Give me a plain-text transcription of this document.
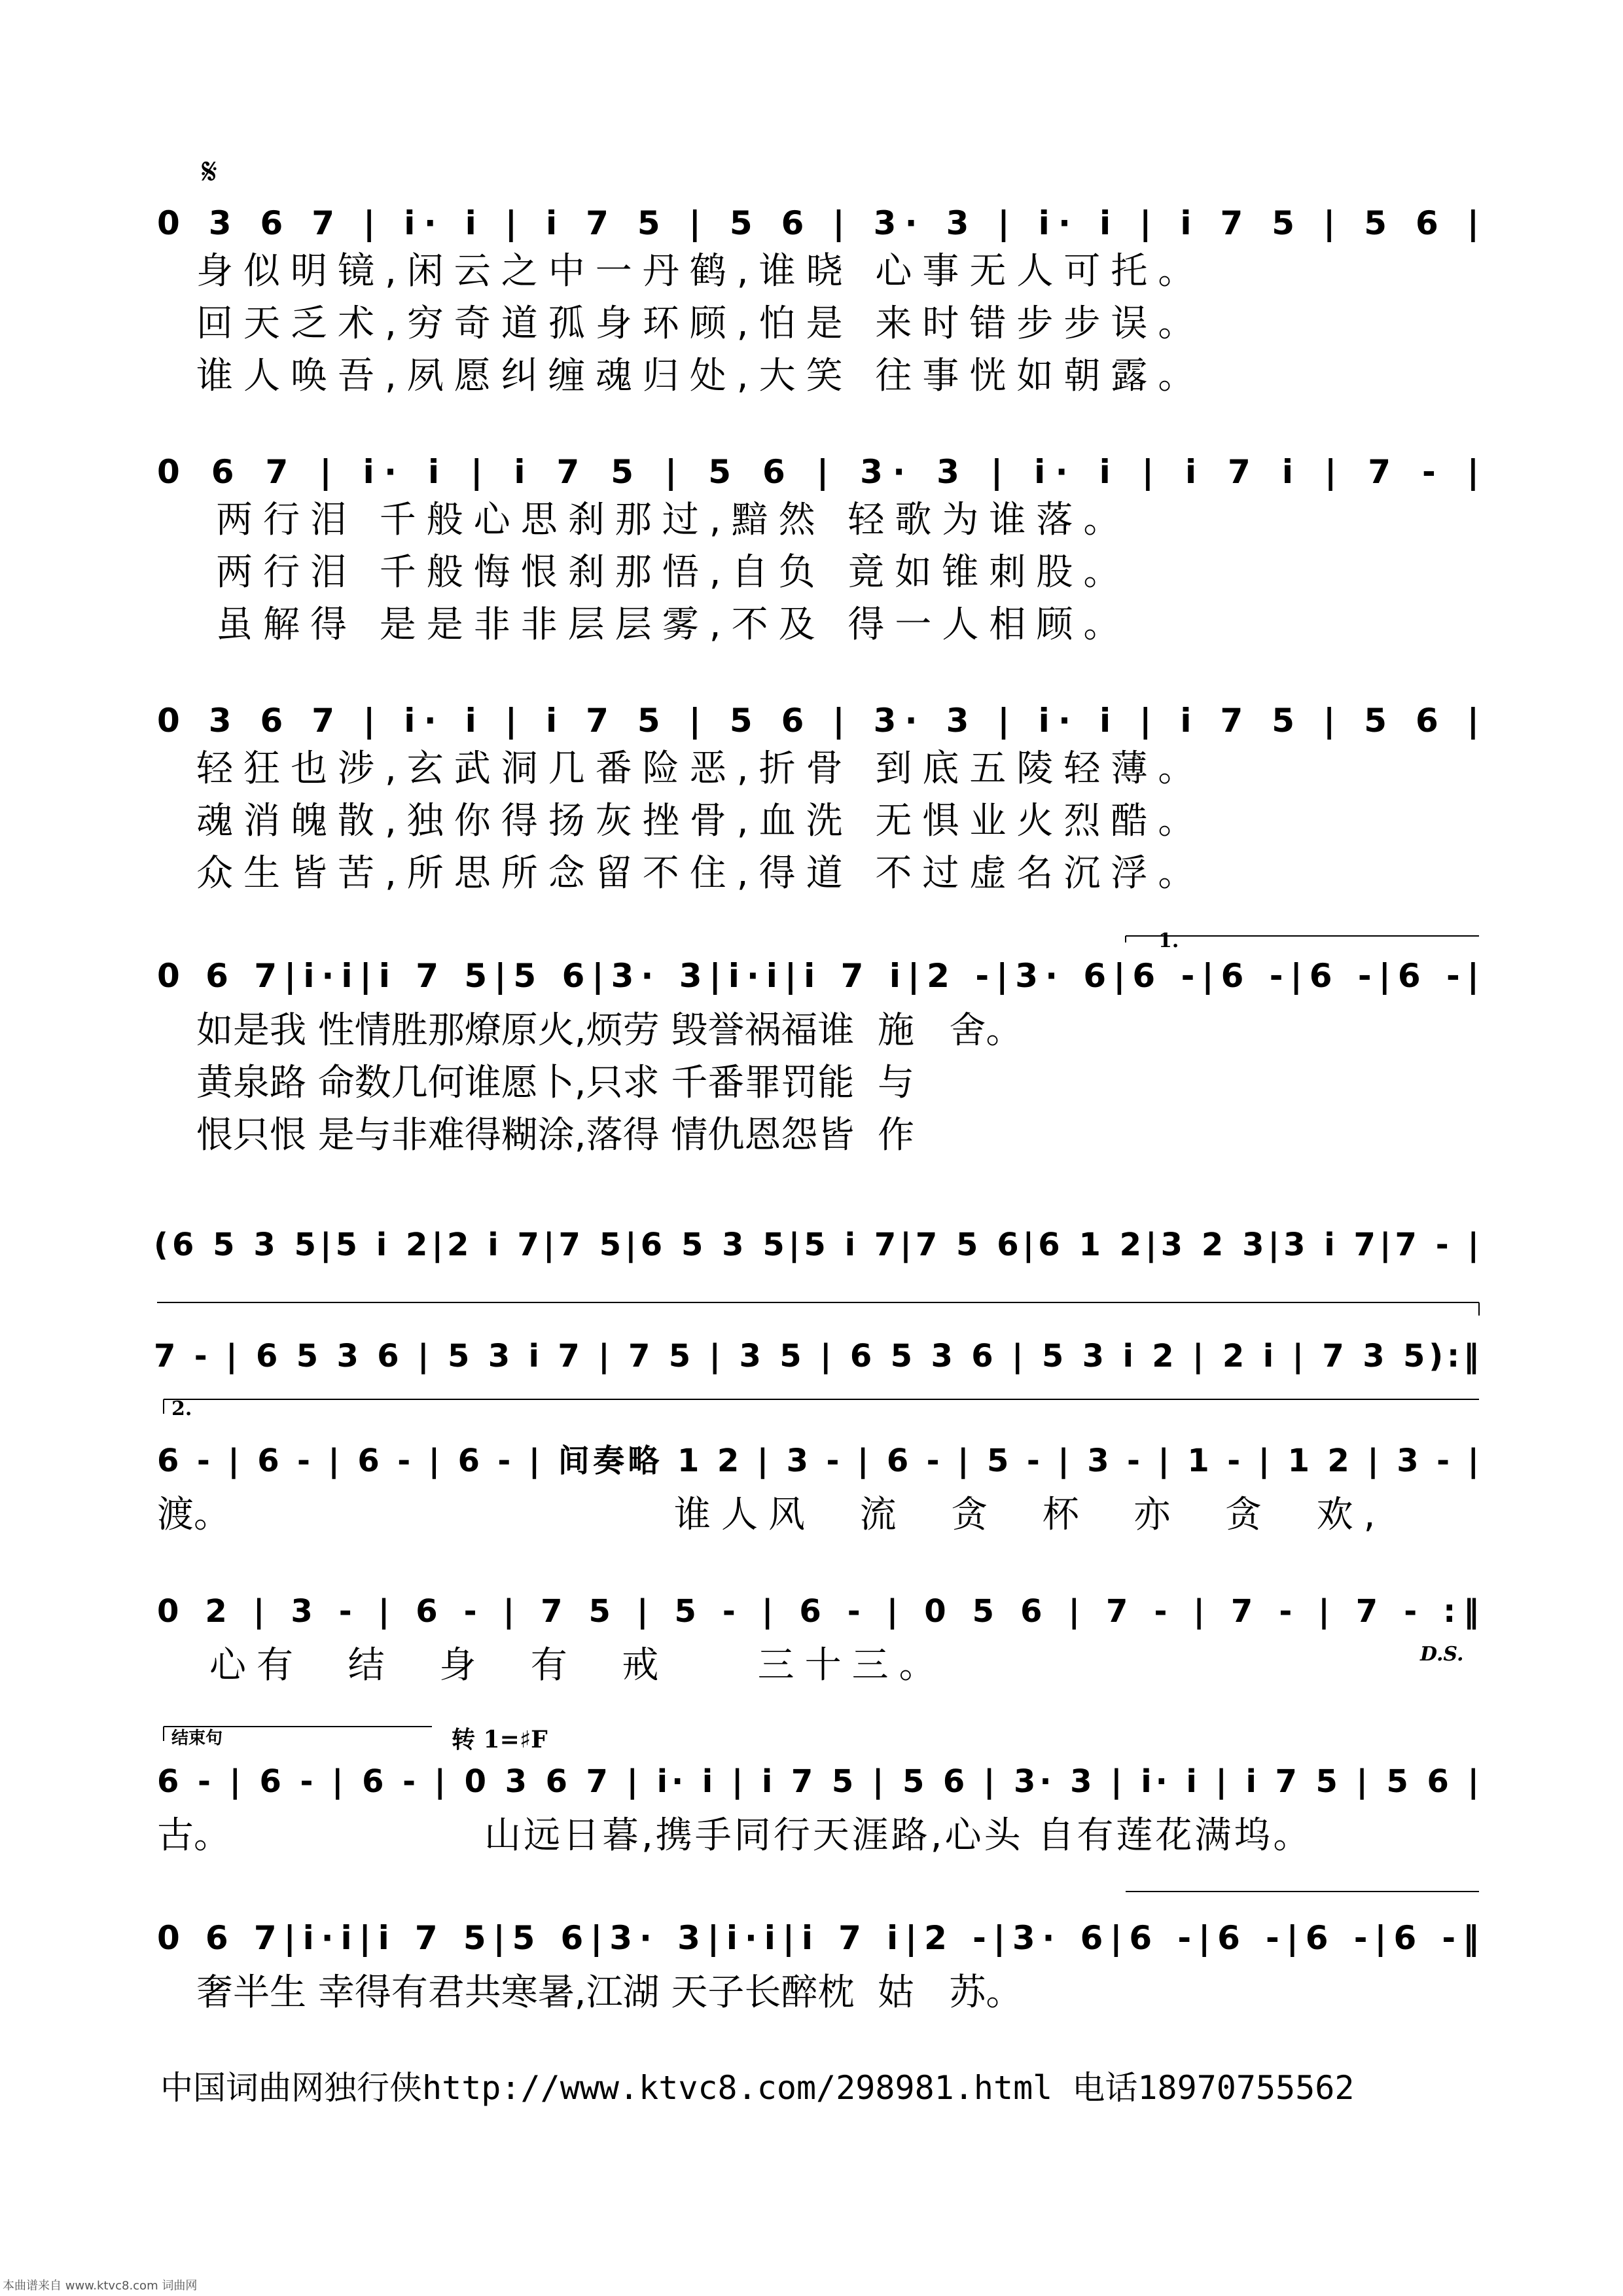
𝄋
0 3 6 7 | i· i | i 7 5 | 5 6 | 3· 3 | i· i | i 7 5 | 5 6 |
身似明镜,闲云之中一丹鹤,谁晓 心事无人可托。
回天乏术,穷奇道孤身环顾,怕是 来时错步步误。
谁人唤吾,夙愿纠缠魂归处,大笑 往事恍如朝露。
0 6 7 | i· i | i 7 5 | 5 6 | 3· 3 | i· i | i 7 i | 7 - |
两行泪 千般心思刹那过,黯然 轻歌为谁落。
两行泪 千般悔恨刹那悟,自负 竟如锥刺股。
虽解得 是是非非层层雾,不及 得一人相顾。
0 3 6 7 | i· i | i 7 5 | 5 6 | 3· 3 | i· i | i 7 5 | 5 6 |
轻狂也涉,玄武洞几番险恶,折骨 到底五陵轻薄。
魂消魄散,独你得扬灰挫骨,血洗 无惧业火烈酷。
众生皆苦,所思所念留不住,得道 不过虚名沉浮。
1.
0 6 7|i·i|i 7 5|5 6|3· 3|i·i|i 7 i|2 -|3· 6|6 -|6 -|6 -|6 -|
如是我 性情胜那燎原火,烦劳 毁誉祸福谁  施   舍。
黄泉路 命数几何谁愿卜,只求 千番罪罚能  与
恨只恨 是与非难得糊涂,落得 情仇恩怨皆  作
(6 5 3 5|5 i 2|2 i 7|7 5|6 5 3 5|5 i 7|7 5 6|6 1 2|3 2 3|3 i 7|7 - |
7 - | 6 5 3 6 | 5 3 i 7 | 7 5 | 3 5 | 6 5 3 6 | 5 3 i 2 | 2 i | 7 3 5):‖
2.
6 - | 6 - | 6 - | 6 - | 间奏略 1 2 | 3 - | 6 - | 5 - | 3 - | 1 - | 1 2 | 3 - |
渡。	谁人风  流  贪  杯  亦  贪  欢,
0 2 | 3 - | 6 - | 7 5 | 5 - | 6 - | 0 5 6 | 7 - | 7 - | 7 - :‖
D.S.
心有  结  身  有  戒    三十三。
结束句	转 1=♯F
6 - | 6 - | 6 - | 0 3 6 7 | i· i | i 7 5 | 5 6 | 3· 3 | i· i | i 7 5 | 5 6 |
古。	山远日暮,携手同行天涯路,心头 自有莲花满坞。
0 6 7|i·i|i 7 5|5 6|3· 3|i·i|i 7 i|2 -|3· 6|6 -|6 -|6 -|6 -‖
奢半生 幸得有君共寒暑,江湖 天子长醉枕  姑   苏。
中国词曲网独行侠http://www.ktvc8.com/298981.html 电话18970755562
本曲谱来自 www.ktvc8.com 词曲网
